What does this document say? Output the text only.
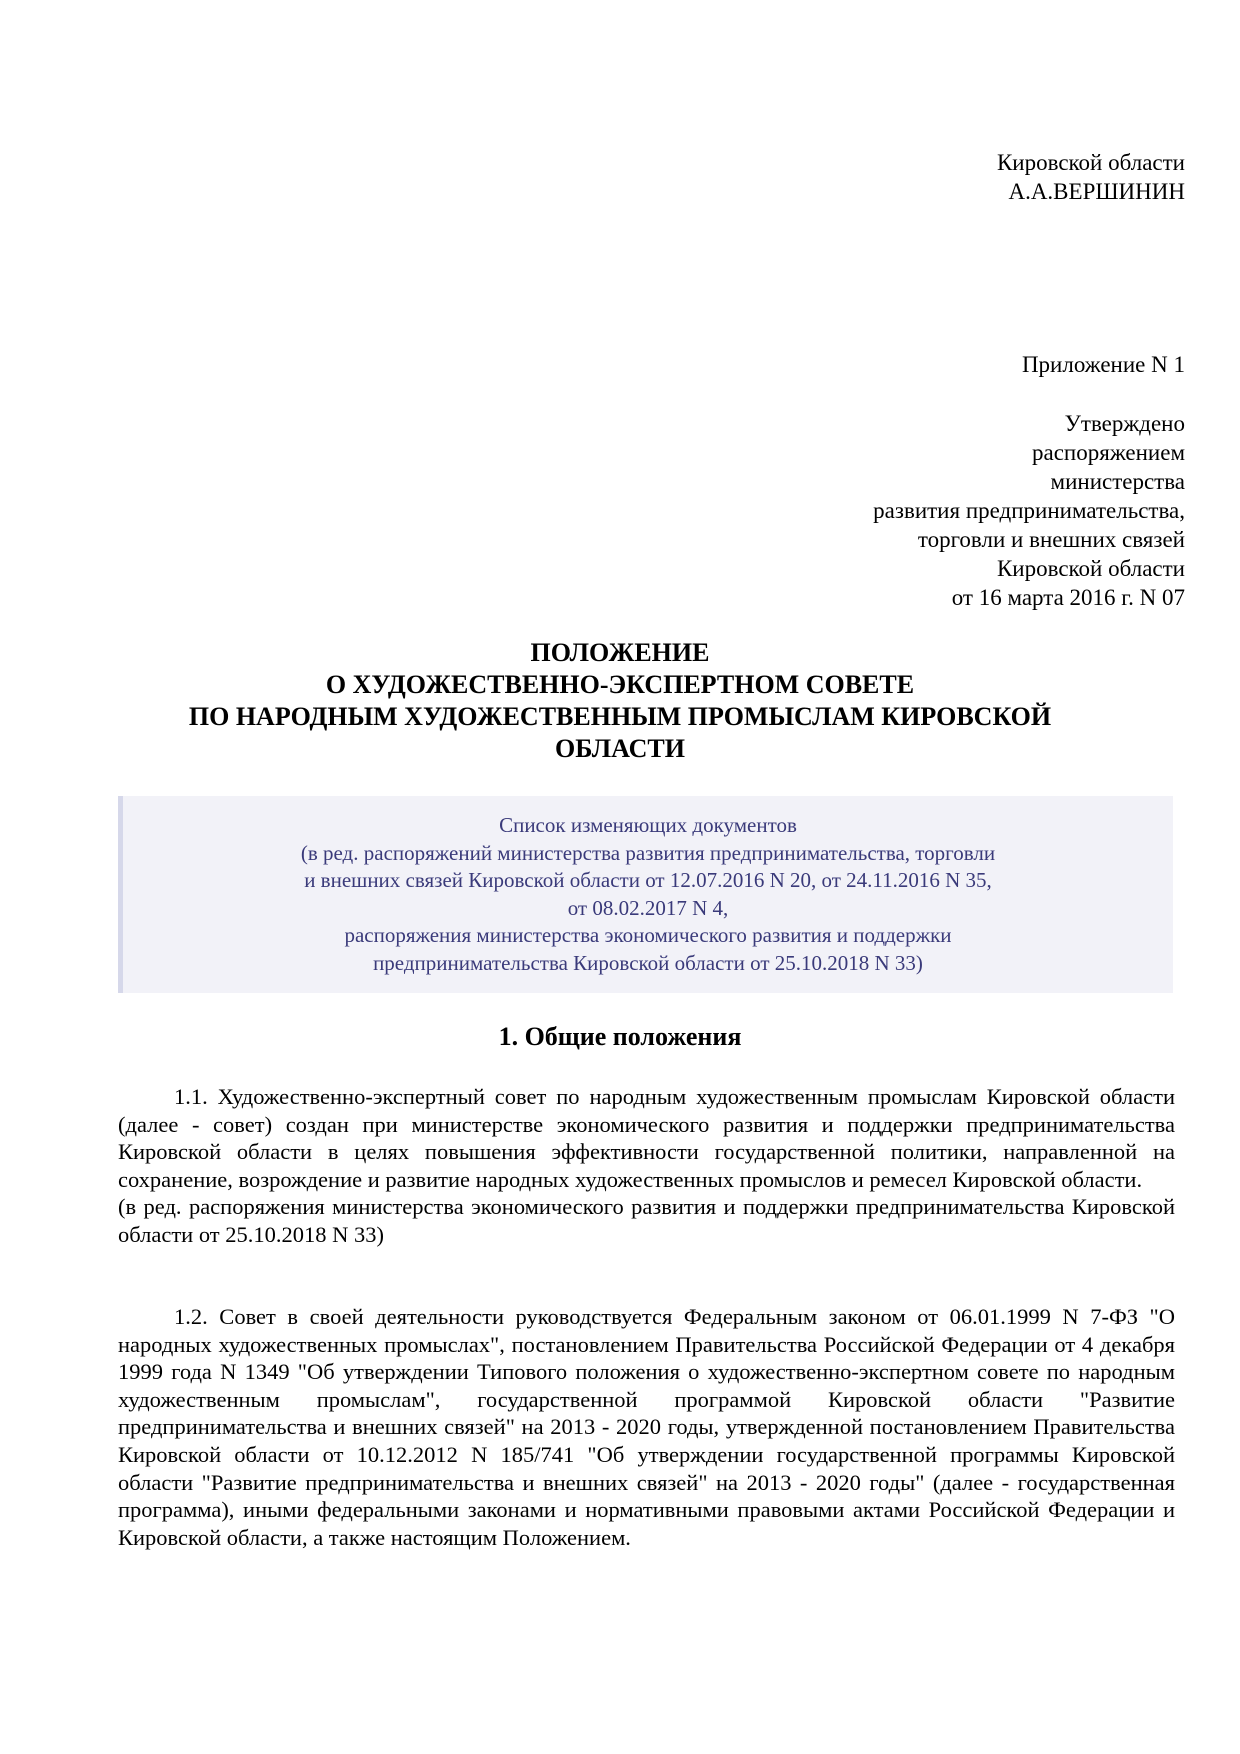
Кировской области
А.А.ВЕРШИНИН
Приложение N 1
Утверждено
распоряжением
министерства
развития предпринимательства,
торговли и внешних связей
Кировской области
от 16 марта 2016 г. N 07
ПОЛОЖЕНИЕ
О ХУДОЖЕСТВЕННО-ЭКСПЕРТНОМ СОВЕТЕ
ПО НАРОДНЫМ ХУДОЖЕСТВЕННЫМ ПРОМЫСЛАМ КИРОВСКОЙ
ОБЛАСТИ
Список изменяющих документов
(в ред. распоряжений министерства развития предпринимательства, торговли
и внешних связей Кировской области от 12.07.2016 N 20, от 24.11.2016 N 35,
от 08.02.2017 N 4,
распоряжения министерства экономического развития и поддержки
предпринимательства Кировской области от 25.10.2018 N 33)
1. Общие положения

1.1. Художественно-экспертный совет по народным художественным промыслам Кировской области (далее - совет) создан при министерстве экономического развития и поддержки предпринимательства Кировской области в целях повышения эффективности государственной политики, направленной на сохранение, возрождение и развитие народных художественных промыслов и ремесел Кировской области.

(в ред. распоряжения министерства экономического развития и поддержки предпринимательства Кировской области от 25.10.2018 N 33)

1.2. Совет в своей деятельности руководствуется Федеральным законом от 06.01.1999 N 7-ФЗ "О народных художественных промыслах", постановлением Правительства Российской Федерации от 4 декабря 1999 года N 1349 "Об утверждении Типового положения о художественно-экспертном совете по народным художественным промыслам", государственной программой Кировской области "Развитие предпринимательства и внешних связей" на 2013 - 2020 годы, утвержденной постановлением Правительства Кировской области от 10.12.2012 N 185/741 "Об утверждении государственной программы Кировской области "Развитие предпринимательства и внешних связей" на 2013 - 2020 годы" (далее - государственная программа), иными федеральными законами и нормативными правовыми актами Российской Федерации и Кировской области, а также настоящим Положением.
